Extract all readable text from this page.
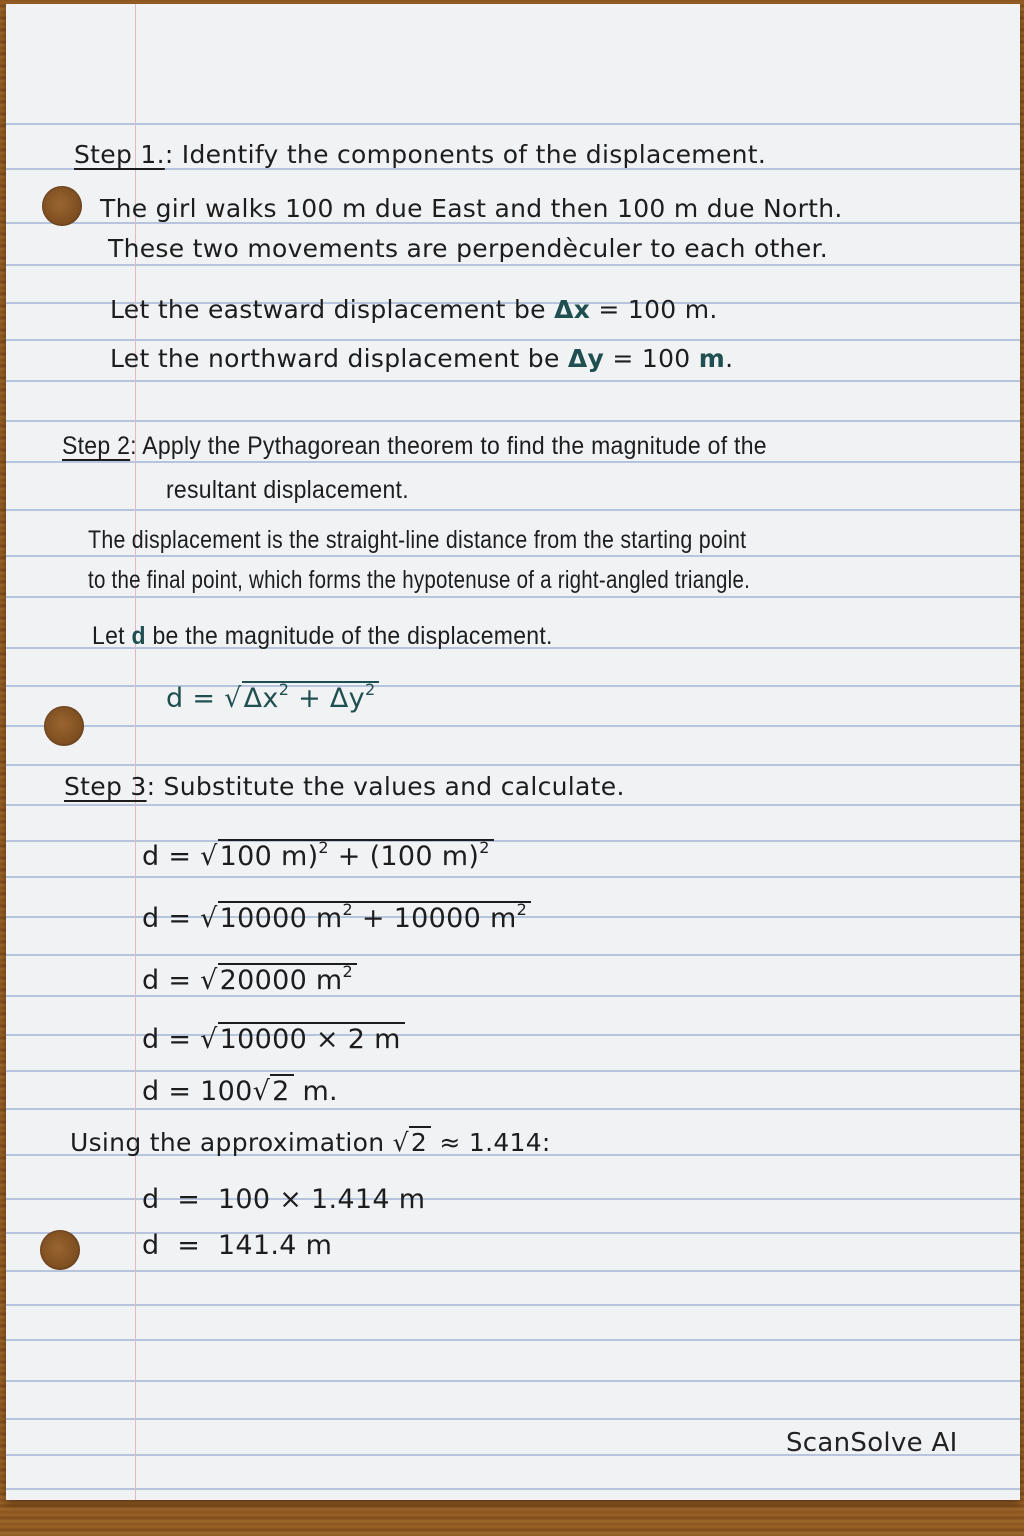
Step 1.: Identify the components of the displacement.
The girl walks 100 m due East and then 100 m due North.
These two movements are perpendèculer to each other.
Let the eastward displacement be Δx = 100 m.
Let the northward displacement be Δy = 100 m.
Step 2: Apply the Pythagorean theorem to find the magnitude of the
resultant displacement.
The displacement is the straight-line distance from the starting point
to the final point, which forms the hypotenuse of a right-angled triangle.
Let d be the magnitude of the displacement.
$d = √\Delta x^2 + \Delta y^2$
Step 3: Substitute the values and calculate.
d = √100 m)$^2$ + (100 m)$^2$
d = √10000 $m^2 + 10000$ $m^2$
d = √20000 $m^2$
d = √10000 × 2 m
d = 100√2 m.
Using the approximation √2 ≈ 1.414:
d  =  100 × 1.414 m
d  =  141.4 m
ScanSolve AI
